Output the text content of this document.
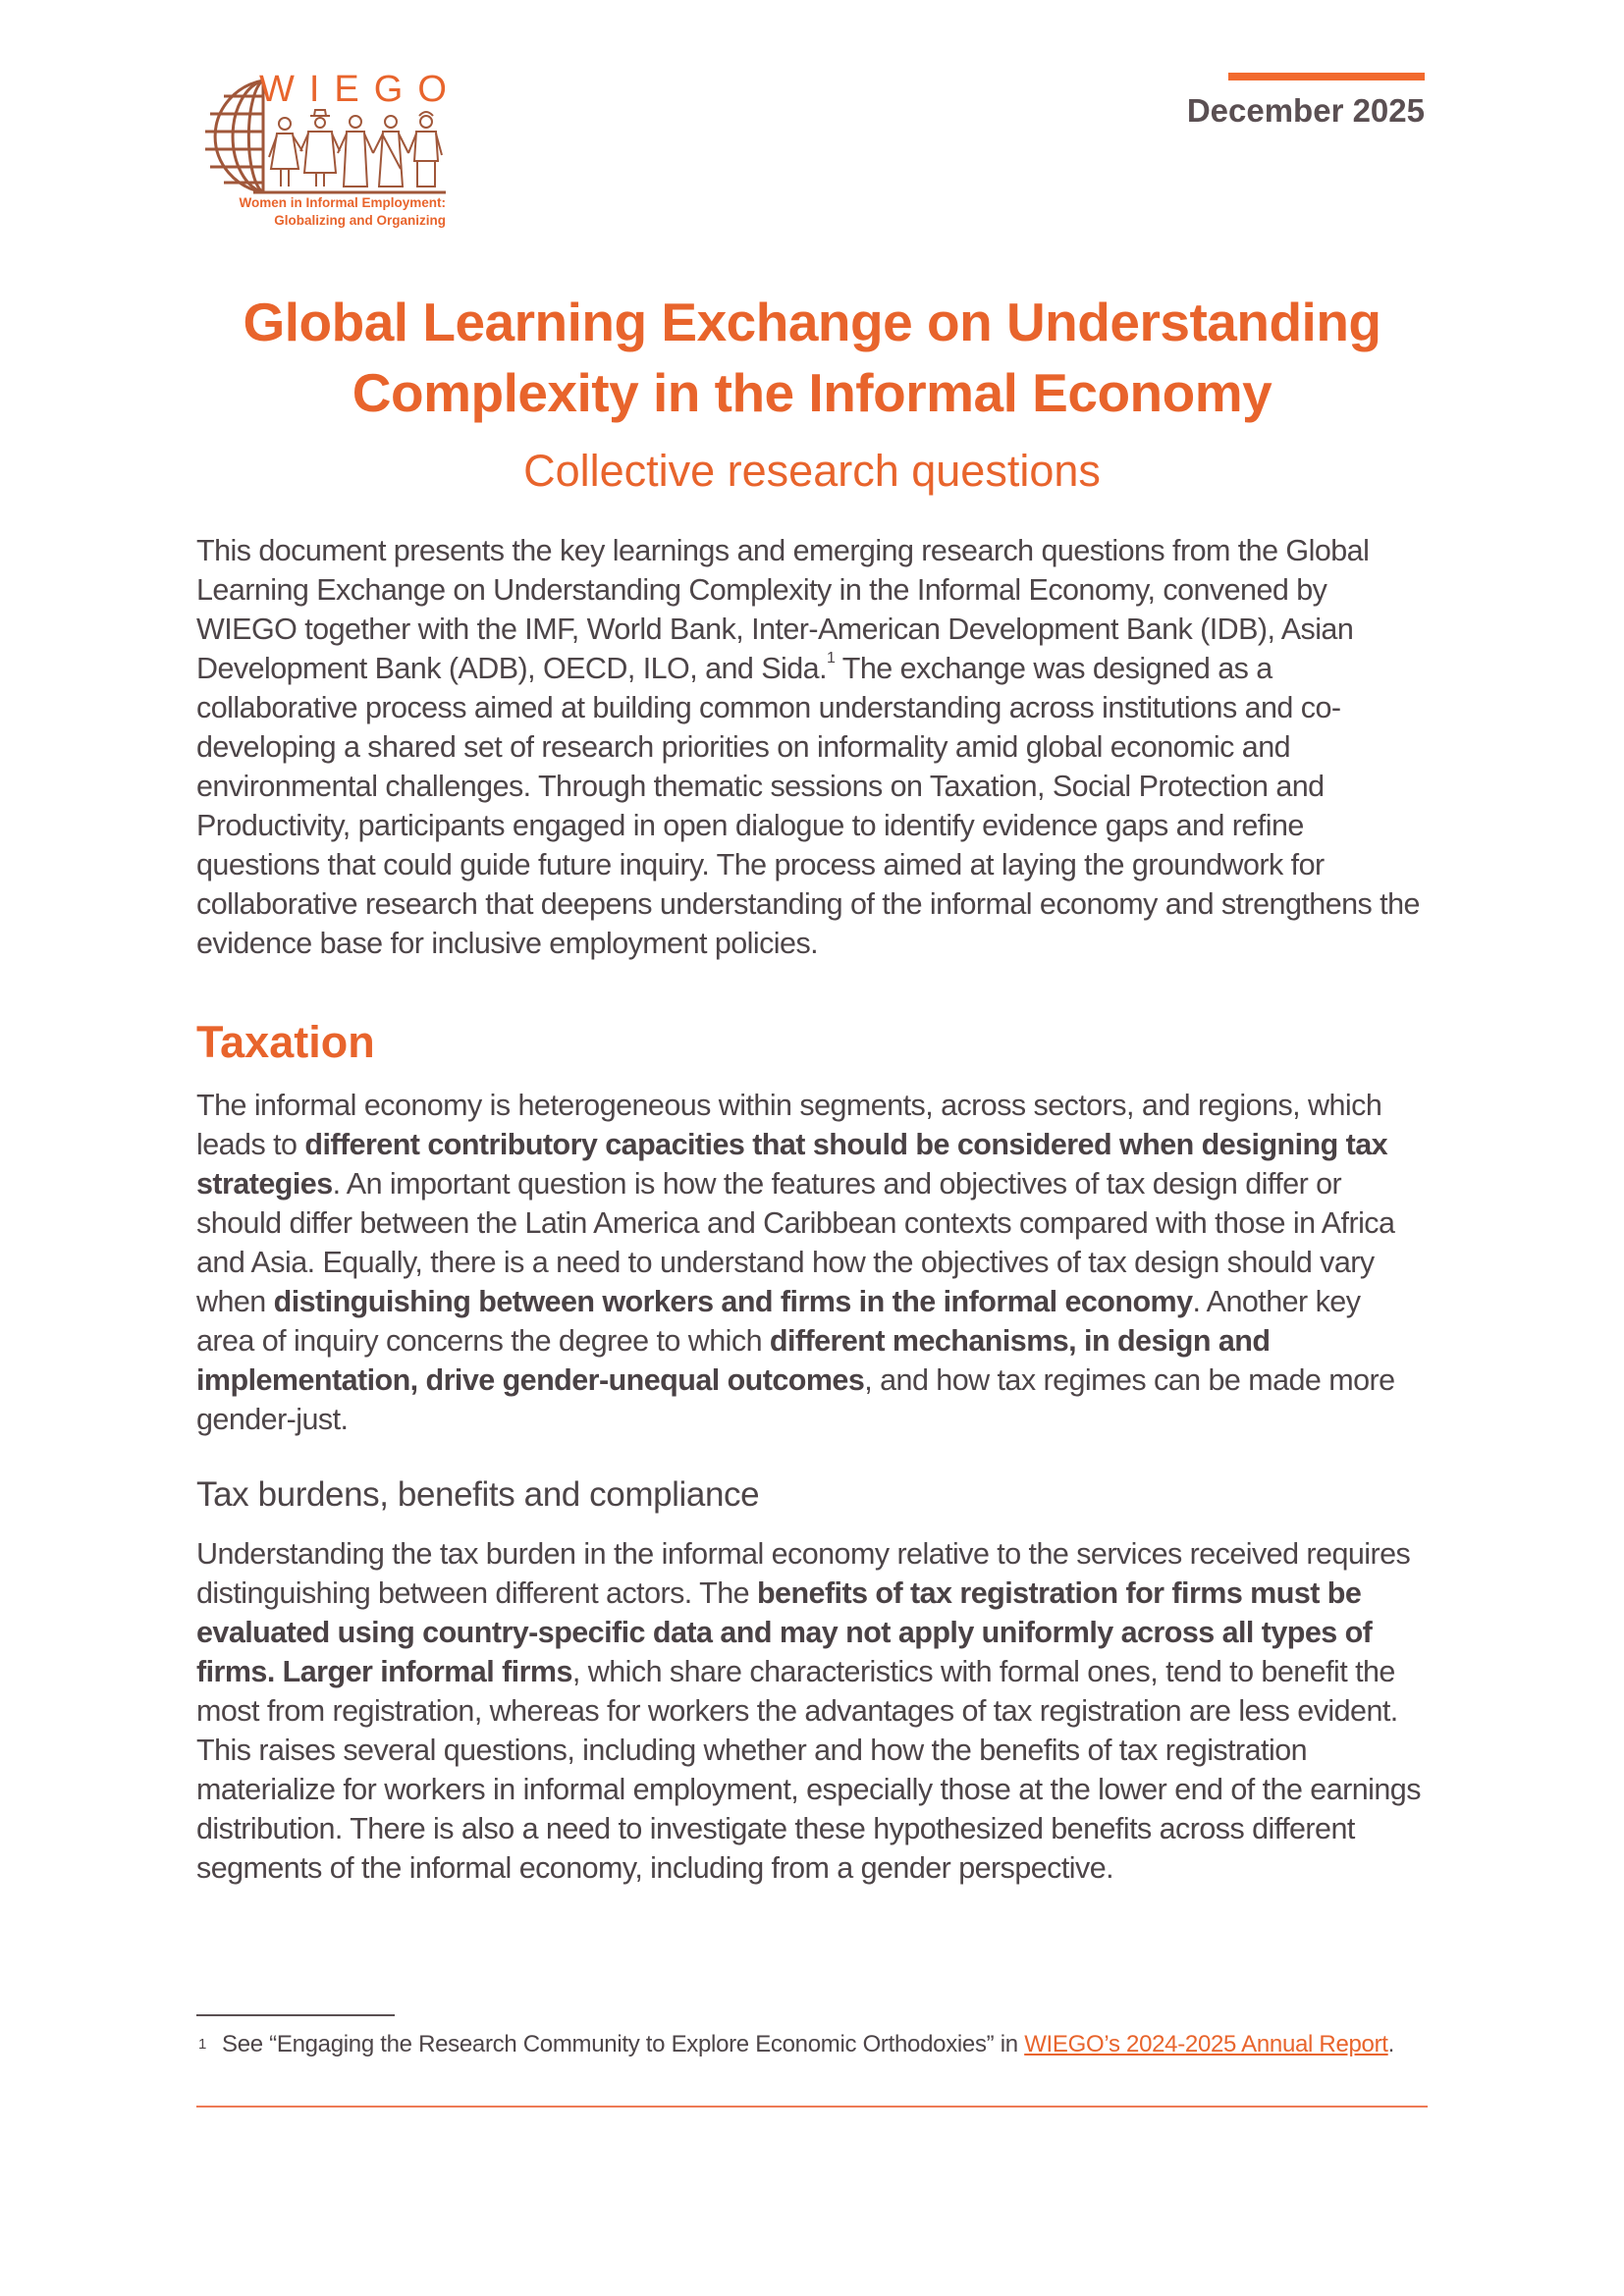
WIEGO
Women in Informal Employment:
Globalizing and Organizing
December 2025
Global Learning Exchange on Understanding
Complexity in the Informal Economy
Collective research questions
This document presents the key learnings and emerging research questions from the Global Learning Exchange on Understanding Complexity in the Informal Economy, convened by WIEGO together with the IMF, World Bank, Inter-American Development Bank (IDB), Asian Development Bank (ADB), OECD, ILO, and Sida.$^1$ The exchange was designed as a collaborative process aimed at building common understanding across institutions and co-developing a shared set of research priorities on informality amid global economic and environmental challenges. Through thematic sessions on Taxation, Social Protection and Productivity, participants engaged in open dialogue to identify evidence gaps and refine questions that could guide future inquiry. The process aimed at laying the groundwork for collaborative research that deepens understanding of the informal economy and strengthens the evidence base for inclusive employment policies.
Taxation
The informal economy is heterogeneous within segments, across sectors, and regions, which leads to different contributory capacities that should be considered when designing tax strategies. An important question is how the features and objectives of tax design differ or should differ between the Latin America and Caribbean contexts compared with those in Africa and Asia. Equally, there is a need to understand how the objectives of tax design should vary when distinguishing between workers and firms in the informal economy. Another key area of inquiry concerns the degree to which different mechanisms, in design and implementation, drive gender-unequal outcomes, and how tax regimes can be made more gender-just.
Tax burdens, benefits and compliance
Understanding the tax burden in the informal economy relative to the services received requires distinguishing between different actors. The benefits of tax registration for firms must be evaluated using country-specific data and may not apply uniformly across all types of firms. Larger informal firms, which share characteristics with formal ones, tend to benefit the most from registration, whereas for workers the advantages of tax registration are less evident. This raises several questions, including whether and how the benefits of tax registration materialize for workers in informal employment, especially those at the lower end of the earnings distribution. There is also a need to investigate these hypothesized benefits across different segments of the informal economy, including from a gender perspective.
1 See “Engaging the Research Community to Explore Economic Orthodoxies” in WIEGO’s 2024-2025 Annual Report.
